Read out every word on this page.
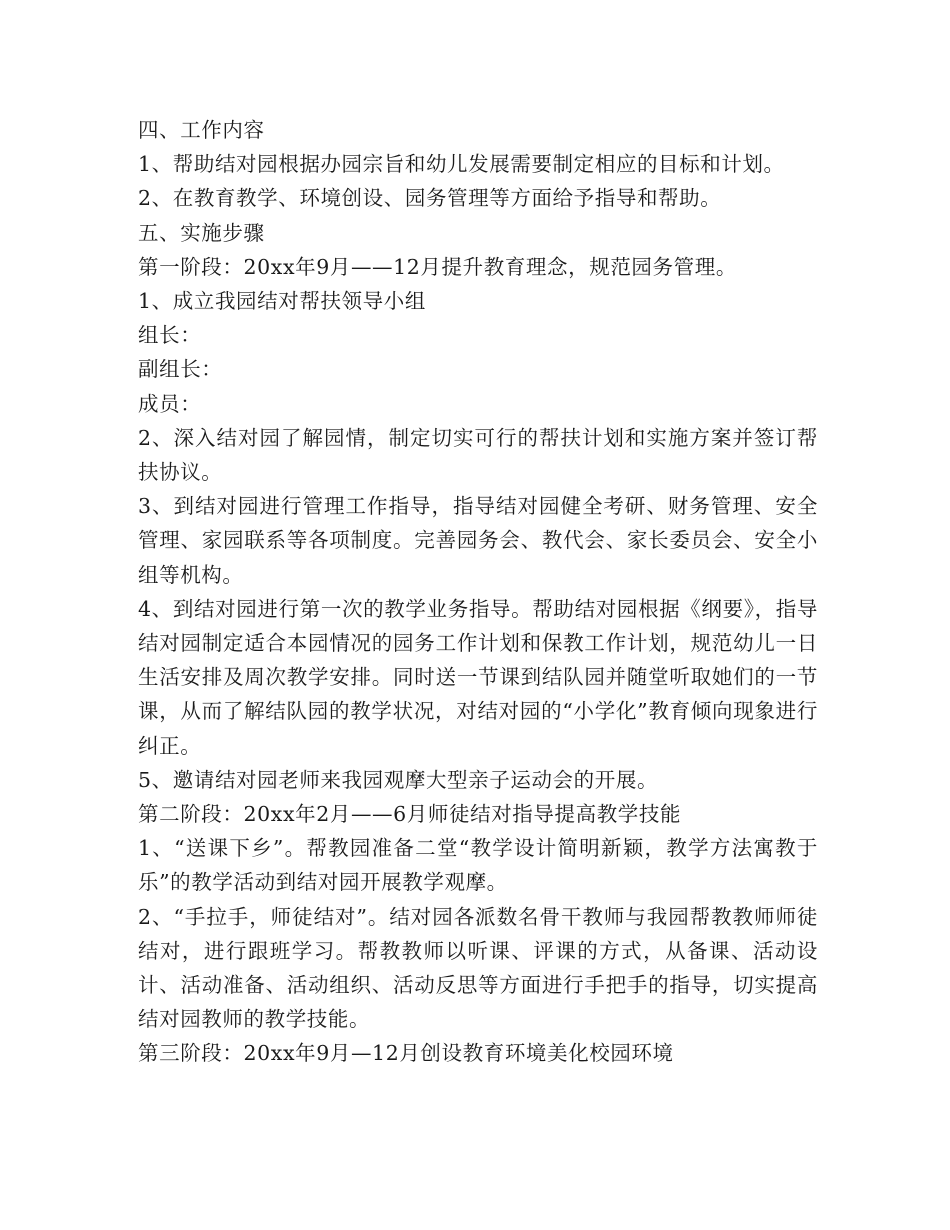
四、工作内容

1、帮助结对园根据办园宗旨和幼儿发展需要制定相应的目标和计划。

2、在教育教学、环境创设、园务管理等方面给予指导和帮助。

五、实施步骤

第一阶段：20xx年9月——12月提升教育理念，规范园务管理。

1、成立我园结对帮扶领导小组

组长：

副组长：

成员：

2、深入结对园了解园情，制定切实可行的帮扶计划和实施方案并签订帮扶协议。

3、到结对园进行管理工作指导，指导结对园健全考研、财务管理、安全管理、家园联系等各项制度。完善园务会、教代会、家长委员会、安全小组等机构。

4、到结对园进行第一次的教学业务指导。帮助结对园根据《纲要》，指导结对园制定适合本园情况的园务工作计划和保教工作计划，规范幼儿一日生活安排及周次教学安排。同时送一节课到结队园并随堂听取她们的一节课，从而了解结队园的教学状况，对结对园的“小学化”教育倾向现象进行纠正。

5、邀请结对园老师来我园观摩大型亲子运动会的开展。

第二阶段：20xx年2月——6月师徒结对指导提高教学技能

1、“送课下乡”。帮教园准备二堂“教学设计简明新颖，教学方法寓教于乐”的教学活动到结对园开展教学观摩。

2、“手拉手，师徒结对”。结对园各派数名骨干教师与我园帮教教师师徒结对，进行跟班学习。帮教教师以听课、评课的方式，从备课、活动设计、活动准备、活动组织、活动反思等方面进行手把手的指导，切实提高结对园教师的教学技能。

第三阶段：20xx年9月—12月创设教育环境美化校园环境
